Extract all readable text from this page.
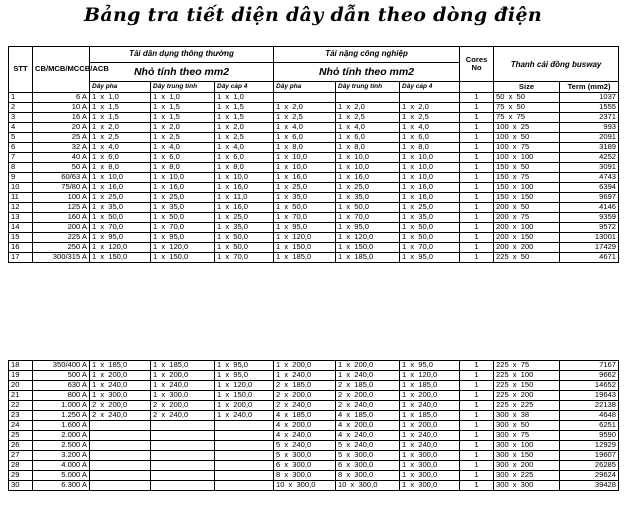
Bảng tra tiết diện dây dẫn theo dòng điện
STT	CB/MCB/MCCB/ACB	Tải dân dụng thông thường			Tải nặng công nghiệp			Cores No	Thanh cái đồng busway	
		Nhỏ tính theo mm2			Nhỏ tính theo mm2					
		Dây pha	Dây trung tính	Dây cáp 4	Dây pha	Dây trung tính	Dây cáp 4		Size	Term (mm2)
1	6 A	1 x 1,0	1 x 1,0	1 x 1,0				1	50 x 50	1037
2	10 A	1 x 1,5	1 x 1,5	1 x 1,5	1 x 2,0	1 x 2,0	1 x 2,0	1	75 x 50	1555
3	16 A	1 x 1,5	1 x 1,5	1 x 1,5	1 x 2,5	1 x 2,5	1 x 2,5	1	75 x 75	2371
4	20 A	1 x 2,0	1 x 2,0	1 x 2,0	1 x 4,0	1 x 4,0	1 x 4,0	1	100 x 25	993
5	25 A	1 x 2,5	1 x 2,5	1 x 2,5	1 x 6,0	1 x 6,0	1 x 6,0	1	100 x 50	2091
6	32 A	1 x 4,0	1 x 4,0	1 x 4,0	1 x 8,0	1 x 8,0	1 x 8,0	1	100 x 75	3189
7	40 A	1 x 6,0	1 x 6,0	1 x 6,0	1 x 10,0	1 x 10,0	1 x 10,0	1	100 x 100	4252
8	50 A	1 x 8,0	1 x 8,0	1 x 8,0	1 x 10,0	1 x 10,0	1 x 10,0	1	150 x 50	3091
9	60/63 A	1 x 10,0	1 x 10,0	1 x 10,0	1 x 16,0	1 x 16,0	1 x 10,0	1	150 x 75	4743
10	75/80 A	1 x 16,0	1 x 16,0	1 x 16,0	1 x 25,0	1 x 25,0	1 x 16,0	1	150 x 100	6394
11	100 A	1 x 25,0	1 x 25,0	1 x 11,0	1 x 35,0	1 x 35,0	1 x 16,0	1	150 x 150	9697
12	125 A	1 x 35,0	1 x 35,0	1 x 16,0	1 x 50,0	1 x 50,0	1 x 25,0	1	200 x 50	4146
13	160 A	1 x 50,0	1 x 50,0	1 x 25,0	1 x 70,0	1 x 70,0	1 x 35,0	1	200 x 75	9359
14	200 A	1 x 70,0	1 x 70,0	1 x 35,0	1 x 95,0	1 x 95,0	1 x 50,0	1	200 x 100	9572
15	225 A	1 x 95,0	1 x 95,0	1 x 50,0	1 x 120,0	1 x 120,0	1 x 50,0	1	200 x 150	13001
16	250 A	1 x 120,0	1 x 120,0	1 x 50,0	1 x 150,0	1 x 150,0	1 x 70,0	1	200 x 200	17429
17	300/315 A	1 x 150,0	1 x 150,0	1 x 70,0	1 x 185,0	1 x 185,0	1 x 95,0	1	225 x 50	4671
18	350/400 A	1 x 185,0	1 x 185,0	1 x 95,0	1 x 200,0	1 x 200,0	1 x 95,0	1	225 x 75	7167
19	500 A	1 x 200,0	1 x 200,0	1 x 95,0	1 x 240,0	1 x 240,0	1 x 120,0	1	225 x 100	9662
20	630 A	1 x 240,0	1 x 240,0	1 x 120,0	2 x 185,0	2 x 185,0	1 x 185,0	1	225 x 150	14652
21	800 A	1 x 300,0	1 x 300,0	1 x 150,0	2 x 200,0	2 x 200,0	1 x 200,0	1	225 x 200	19643
22	1.000 A	2 x 200,0	2 x 200,0	1 x 200,0	2 x 240,0	2 x 240,0	1 x 240,0	1	225 x 225	22138
23	1.250 A	2 x 240,0	2 x 240,0	1 x 240,0	4 x 185,0	4 x 185,0	1 x 185,0	1	300 x 38	4648
24	1.600 A				4 x 200,0	4 x 200,0	1 x 200,0	1	300 x 50	6251
25	2.000 A				4 x 240,0	4 x 240,0	1 x 240,0	1	300 x 75	9590
26	2.500 A				5 x 240,0	5 x 240,0	1 x 240,0	1	300 x 100	12929
27	3.200 A				5 x 300,0	5 x 300,0	1 x 300,0	1	300 x 150	19607
28	4.000 A				6 x 300,0	6 x 300,0	1 x 300,0	1	300 x 200	26285
29	5.000 A				8 x 300,0	8 x 300,0	1 x 300,0	1	300 x 225	29624
30	6.300 A				10 x 300,0	10 x 300,0	1 x 300,0	1	300 x 300	39428
